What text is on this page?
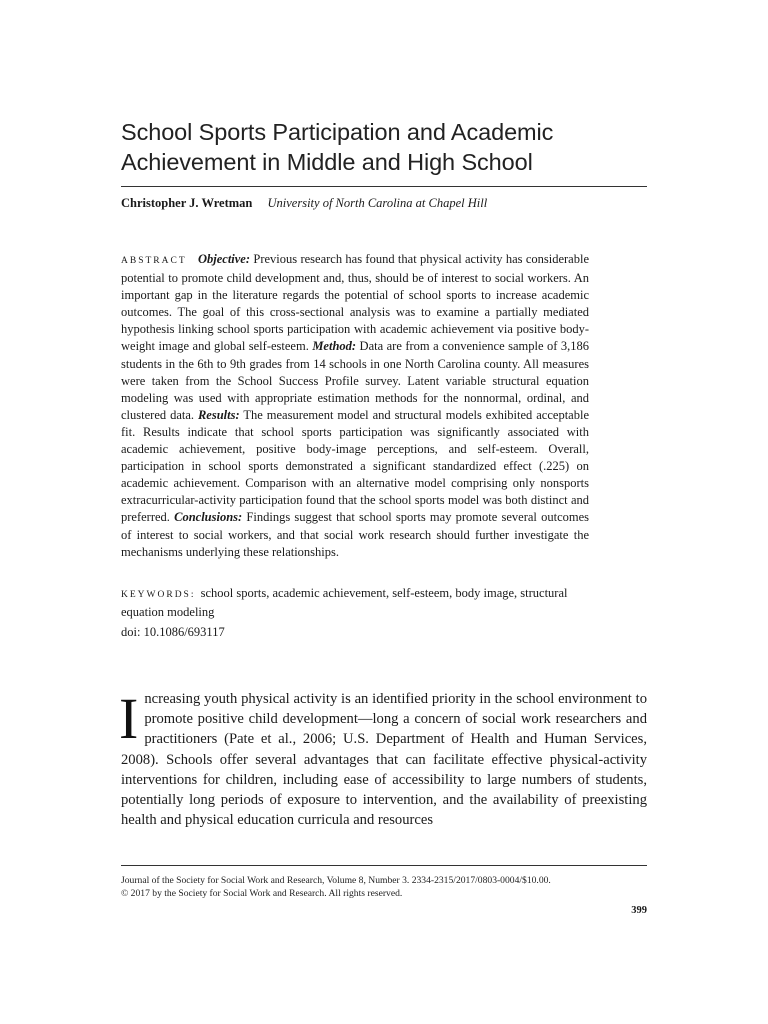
School Sports Participation and Academic
Achievement in Middle and High School
Christopher J. Wretman University of North Carolina at Chapel Hill
ABSTRACT Objective: Previous research has found that physical activity has considerable potential to promote child development and, thus, should be of interest to social workers. An important gap in the literature regards the potential of school sports to increase academic outcomes. The goal of this cross-sectional analysis was to examine a partially mediated hypothesis linking school sports participation with academic achievement via positive body-weight image and global self-esteem. Method: Data are from a convenience sample of 3,186 students in the 6th to 9th grades from 14 schools in one North Carolina county. All measures were taken from the School Success Profile survey. Latent variable structural equation modeling was used with appropriate estimation methods for the nonnormal, ordinal, and clustered data. Results: The measurement model and structural models exhibited acceptable fit. Results indicate that school sports participation was significantly associated with academic achievement, positive body-image perceptions, and self-esteem. Overall, participation in school sports demonstrated a significant standardized effect (.225) on academic achievement. Comparison with an alternative model comprising only nonsports extracurricular-activity participation found that the school sports model was both distinct and preferred. Conclusions: Findings suggest that school sports may promote several outcomes of interest to social workers, and that social work research should further investigate the mechanisms underlying these relationships.
KEYWORDS: school sports, academic achievement, self-esteem, body image, structural equation modeling
doi: 10.1086/693117
I ncreasing youth physical activity is an identified priority in the school environment to promote positive child development—long a concern of social work researchers and practitioners (Pate et al., 2006; U.S. Department of Health and Human Services, 2008). Schools offer several advantages that can facilitate effective physical-activity interventions for children, including ease of accessibility to large numbers of students, potentially long periods of exposure to intervention, and the availability of preexisting health and physical education curricula and resources
Journal of the Society for Social Work and Research, Volume 8, Number 3. 2334-2315/2017/0803-0004/$10.00.
© 2017 by the Society for Social Work and Research. All rights reserved.
399
